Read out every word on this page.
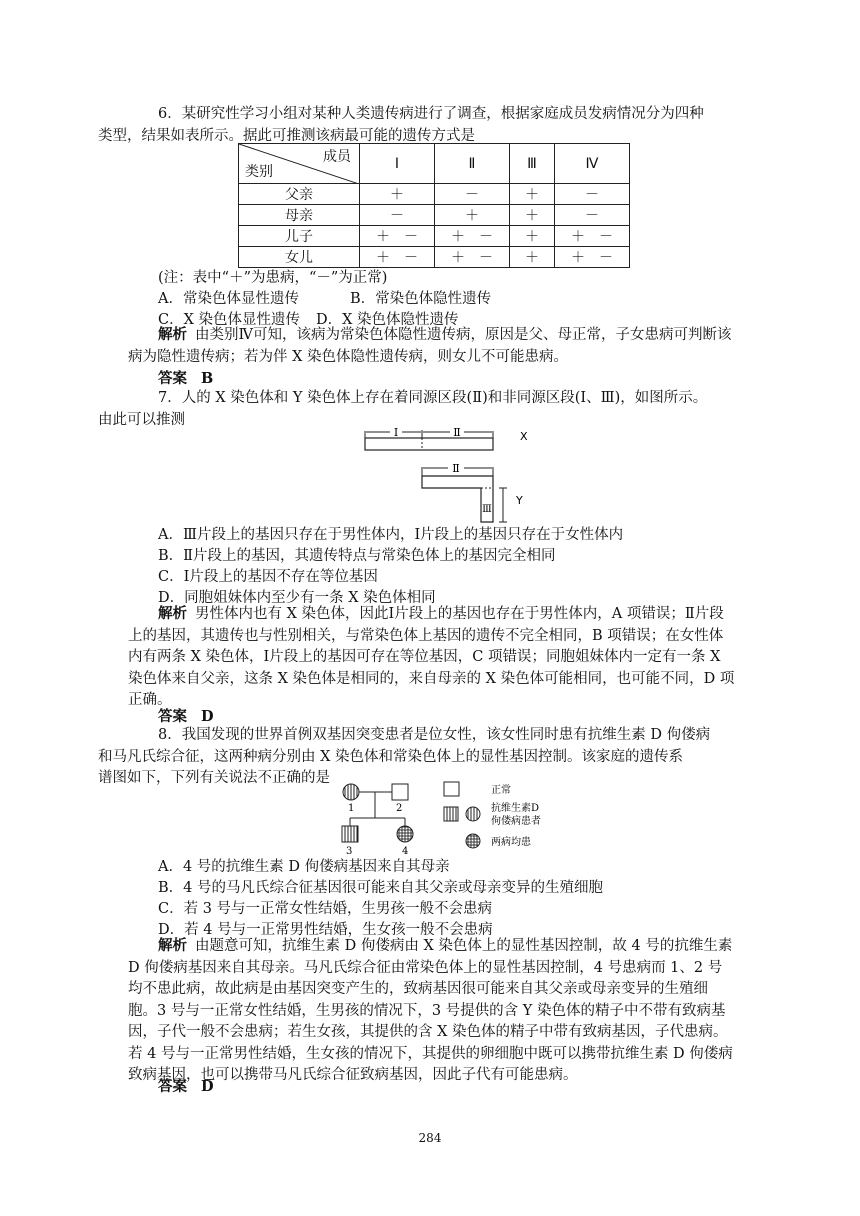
6．某研究性学习小组对某种人类遗传病进行了调查，根据家庭成员发病情况分为四种
类型，结果如表所示。据此可推测该病最可能的遗传方式是

成员
类别	Ⅰ	Ⅱ	Ⅲ	Ⅳ
父亲	＋	－	＋	－
母亲	－	＋	＋	－
儿子	＋　－	＋　－	＋	＋　－
女儿	＋　－	＋　－	＋	＋　－
(注：表中“＋”为患病，“－”为正常)
A．常染色体显性遗传	B．常染色体隐性遗传
C．X 染色体显性遗传 D．X 染色体隐性遗传

解析 由类别Ⅳ可知，该病为常染色体隐性遗传病，原因是父、母正常，子女患病可判断该病为隐性遗传病；若为伴 X 染色体隐性遗传病，则女儿不可能患病。

答案 B

7．人的 X 染色体和 Y 染色体上存在着同源区段(Ⅱ)和非同源区段(Ⅰ、Ⅲ)，如图所示。
由此可以推测

Ⅰ	Ⅱ	X
Ⅱ
Ⅲ
Y
A．Ⅲ片段上的基因只存在于男性体内，Ⅰ片段上的基因只存在于女性体内
B．Ⅱ片段上的基因，其遗传特点与常染色体上的基因完全相同
C．Ⅰ片段上的基因不存在等位基因
D．同胞姐妹体内至少有一条 X 染色体相同

解析 男性体内也有 X 染色体，因此Ⅰ片段上的基因也存在于男性体内，A 项错误；Ⅱ片段上的基因，其遗传也与性别相关，与常染色体上基因的遗传不完全相同，B 项错误；在女性体内有两条 X 染色体，Ⅰ片段上的基因可存在等位基因，C 项错误；同胞姐妹体内一定有一条 X 染色体来自父亲，这条 X 染色体是相同的，来自母亲的 X 染色体可能相同，也可能不同，D 项正确。

答案 D

8．我国发现的世界首例双基因突变患者是位女性，该女性同时患有抗维生素 D 佝偻病
和马凡氏综合征，这两种病分别由 X 染色体和常染色体上的显性基因控制。该家庭的遗传系
谱图如下，下列有关说法不正确的是

1	2
3	4
正常
抗维生素D
佝偻病患者
两病均患
A．4 号的抗维生素 D 佝偻病基因来自其母亲
B．4 号的马凡氏综合征基因很可能来自其父亲或母亲变异的生殖细胞
C．若 3 号与一正常女性结婚，生男孩一般不会患病
D．若 4 号与一正常男性结婚，生女孩一般不会患病

解析 由题意可知，抗维生素 D 佝偻病由 X 染色体上的显性基因控制，故 4 号的抗维生素 D 佝偻病基因来自其母亲。马凡氏综合征由常染色体上的显性基因控制，4 号患病而 1、2 号均不患此病，故此病是由基因突变产生的，致病基因很可能来自其父亲或母亲变异的生殖细胞。3 号与一正常女性结婚，生男孩的情况下，3 号提供的含 Y 染色体的精子中不带有致病基因，子代一般不会患病；若生女孩，其提供的含 X 染色体的精子中带有致病基因，子代患病。若 4 号与一正常男性结婚，生女孩的情况下，其提供的卵细胞中既可以携带抗维生素 D 佝偻病致病基因，也可以携带马凡氏综合征致病基因，因此子代有可能患病。

答案 D
284
